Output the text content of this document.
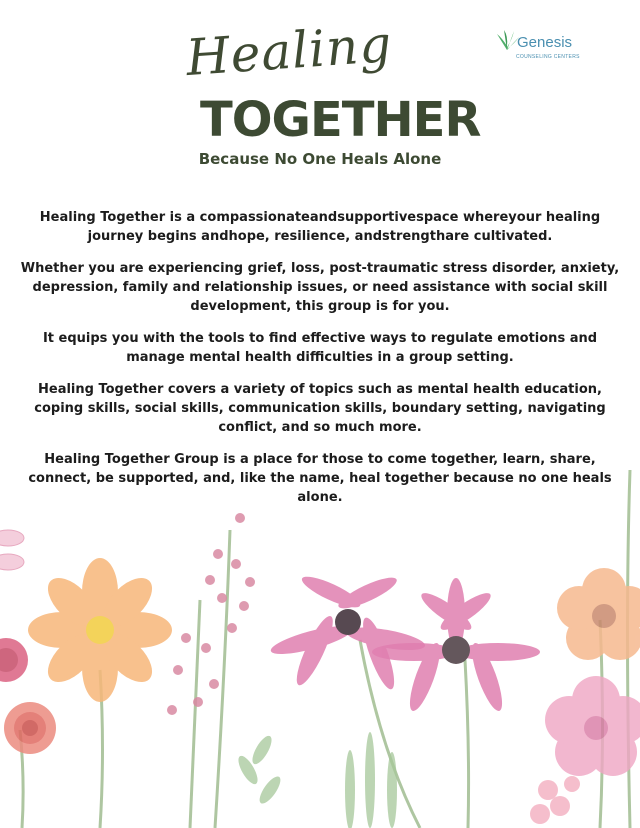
Healing
TOGETHER
Because No One Heals Alone
Genesis
COUNSELING CENTERS

Healing Together is a compassionateandsupportivespace whereyour healing journey begins andhope, resilience, andstrengthare cultivated.

Whether you are experiencing grief, loss, post-traumatic stress disorder, anxiety, depression, family and relationship issues, or need assistance with social skill development, this group is for you.

It equips you with the tools to find effective ways to regulate emotions and manage mental health difficulties in a group setting.

Healing Together covers a variety of topics such as mental health education, coping skills, social skills, communication skills, boundary setting, navigating conflict, and so much more.

Healing Together Group is a place for those to come together, learn, share, connect, be supported, and, like the name, heal together because no one heals alone.
